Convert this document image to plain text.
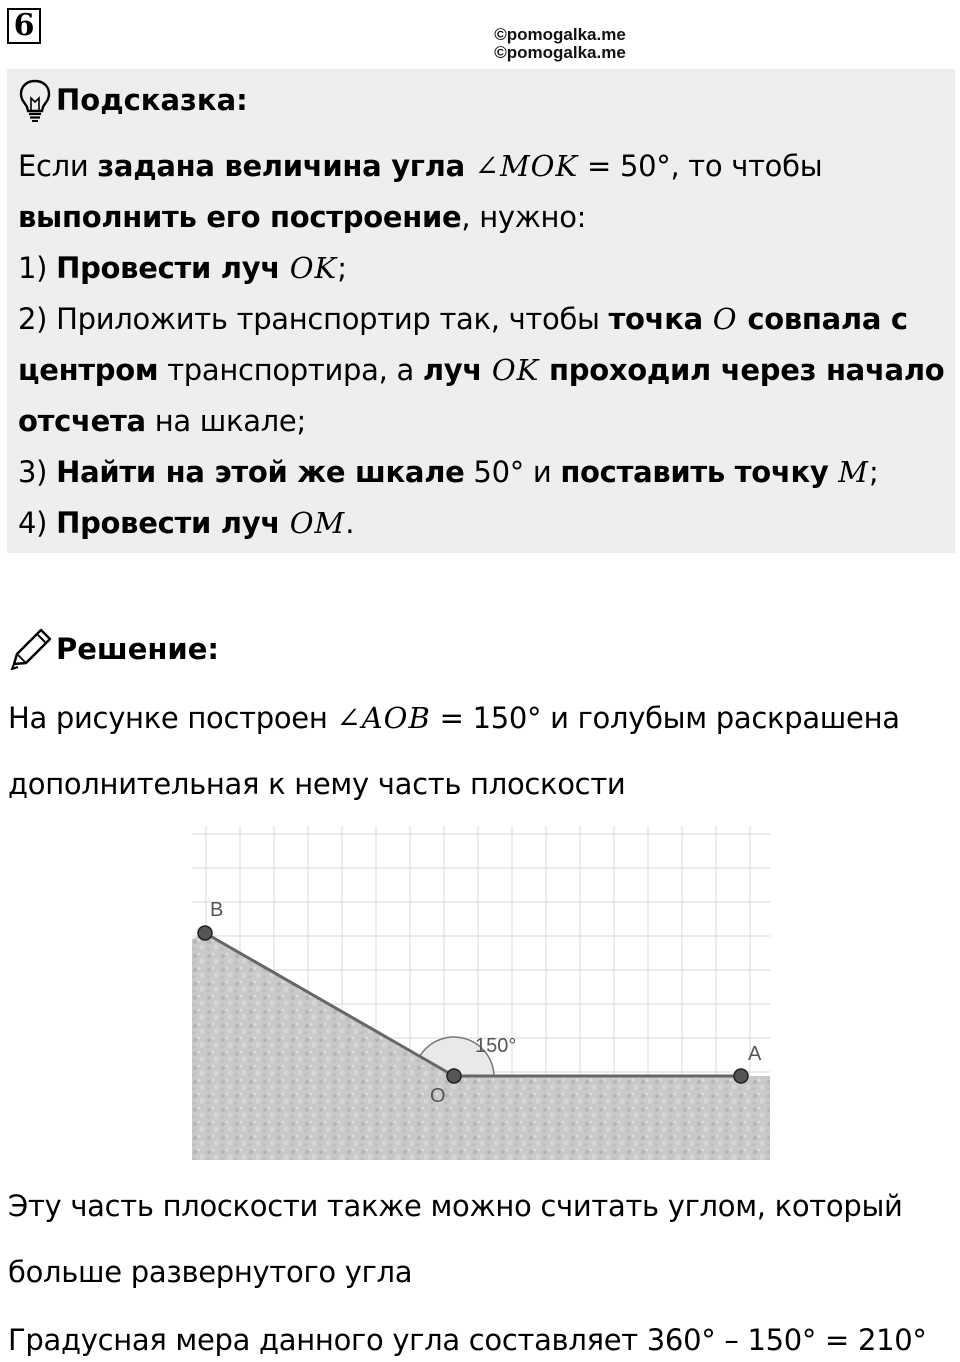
6	©pomogalka.me
©pomogalka.me
Подсказка:
Если задана величина угла ∠MOK = 50°, то чтобы
выполнить его построение, нужно:
1) Провести луч OK;
2) Приложить транспортир так, чтобы точка O совпала с
центром транспортира, а луч OK проходил через начало
отсчета на шкале;
3) Найти на этой же шкале 50° и поставить точку M;
4) Провести луч OM.
Решение:
На рисунке построен ∠AOB = 150° и голубым раскрашена
дополнительная к нему часть плоскости
B
O
A
150°
Эту часть плоскости также можно считать углом, который
больше развернутого угла
Градусная мера данного угла составляет 360° – 150° = 210°
